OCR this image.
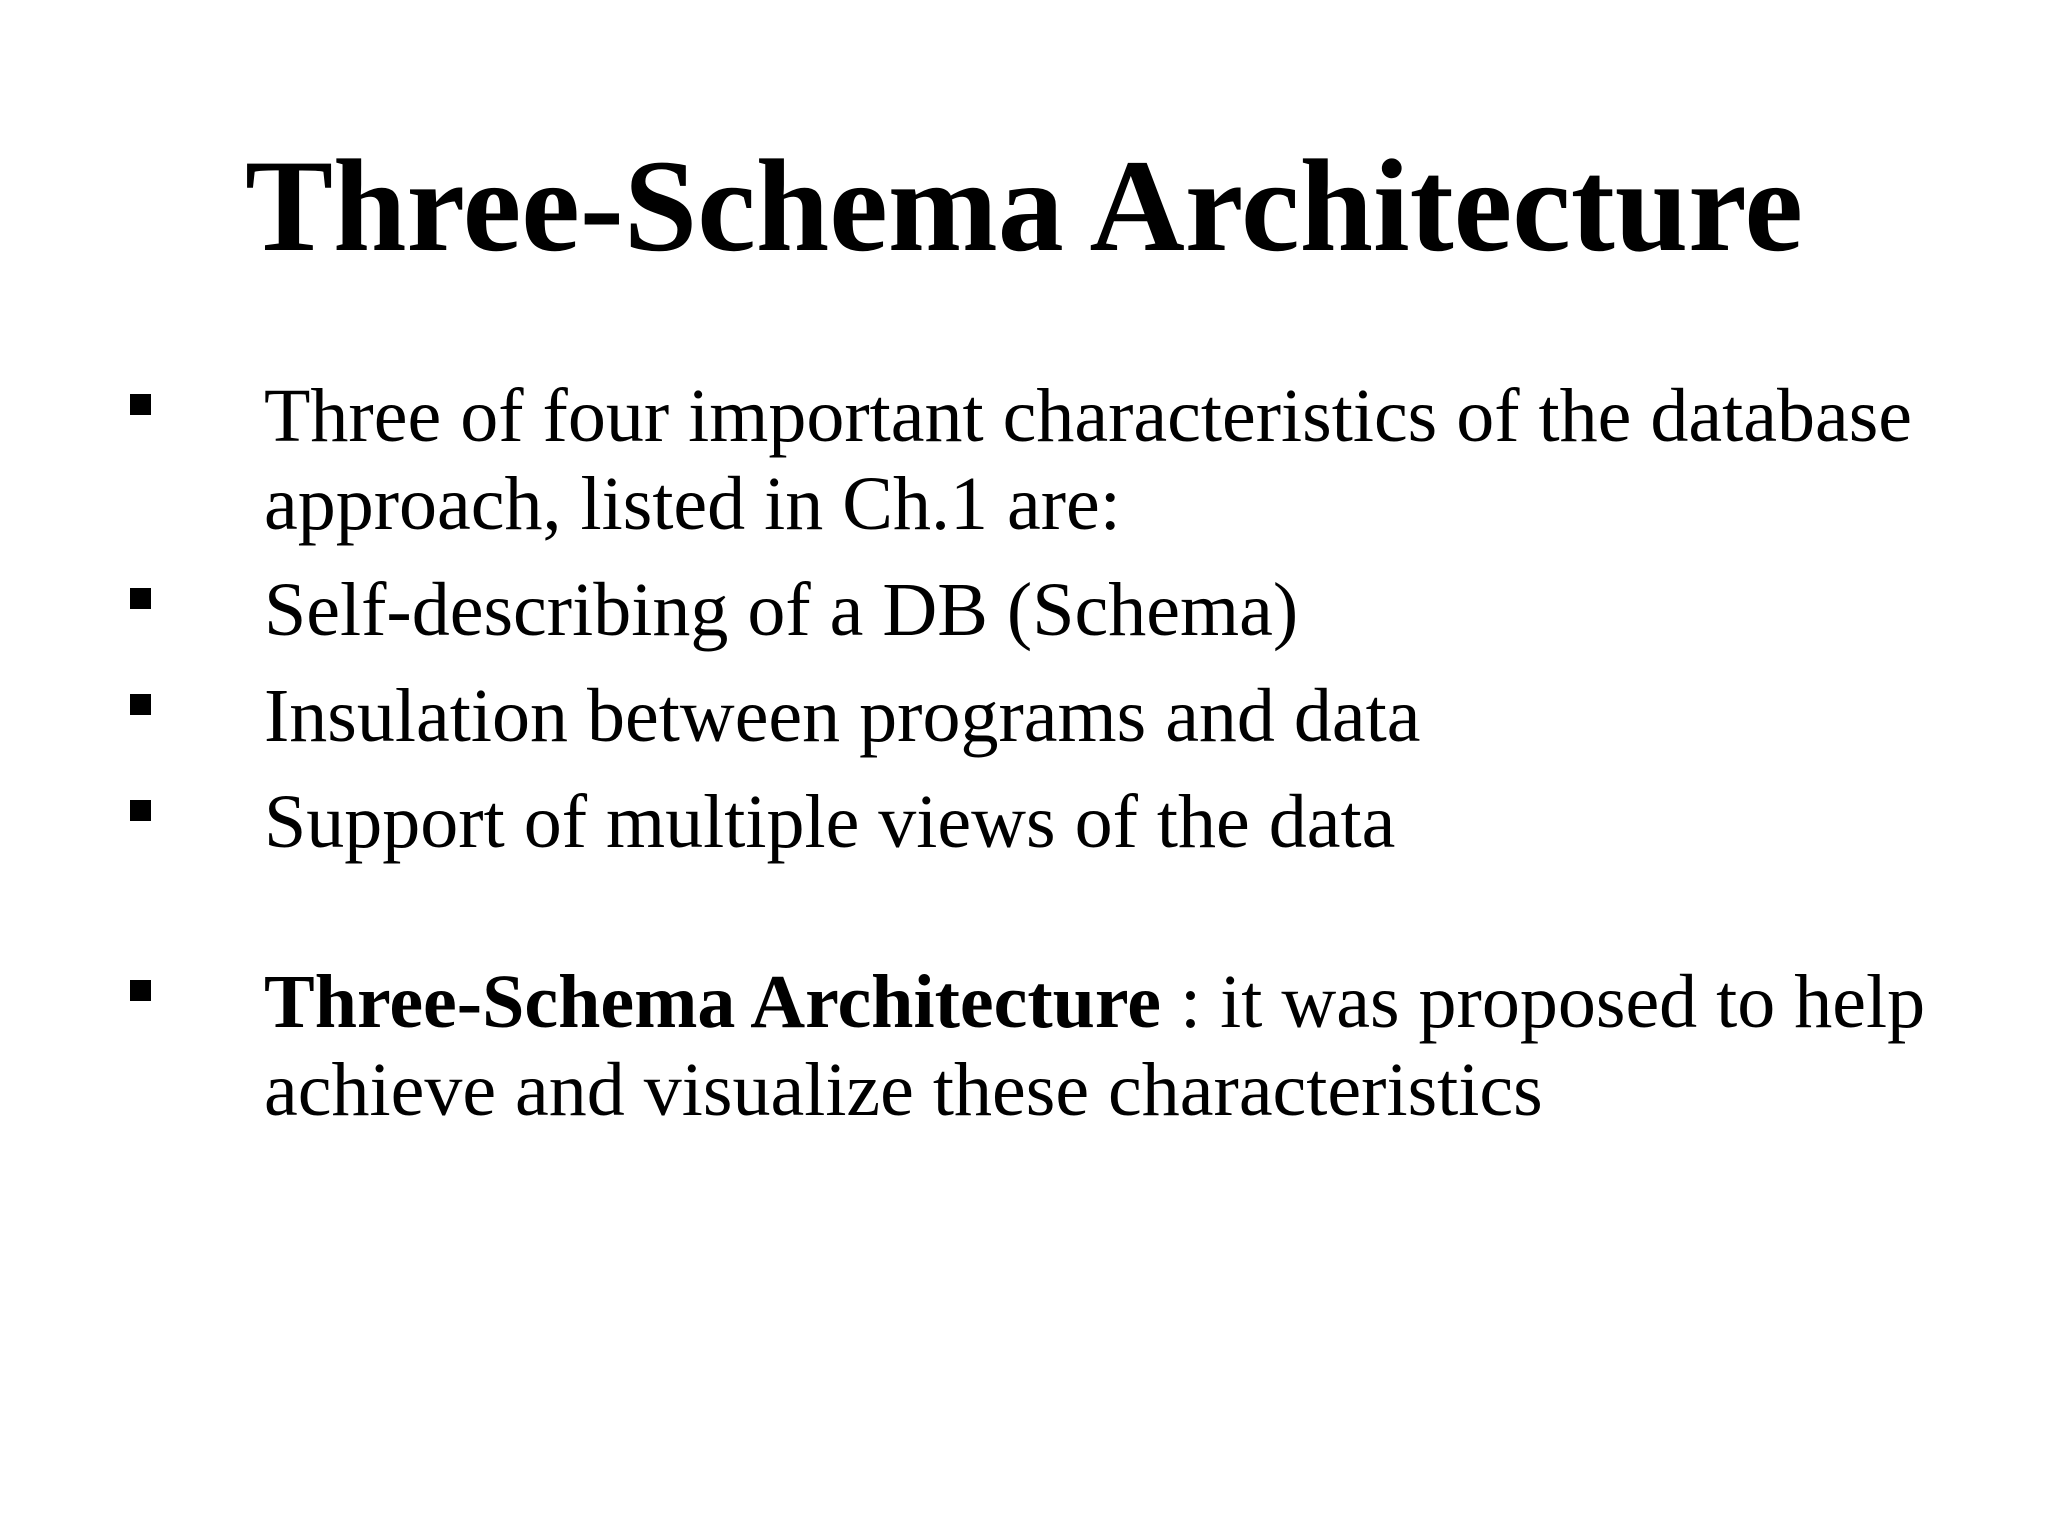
Three-Schema Architecture
Three of four important characteristics of the database approach, listed in Ch.1 are:
Self-describing of a DB (Schema)
Insulation between programs and data
Support of multiple views of the data
Three-Schema Architecture : it was proposed to help achieve and visualize these characteristics
